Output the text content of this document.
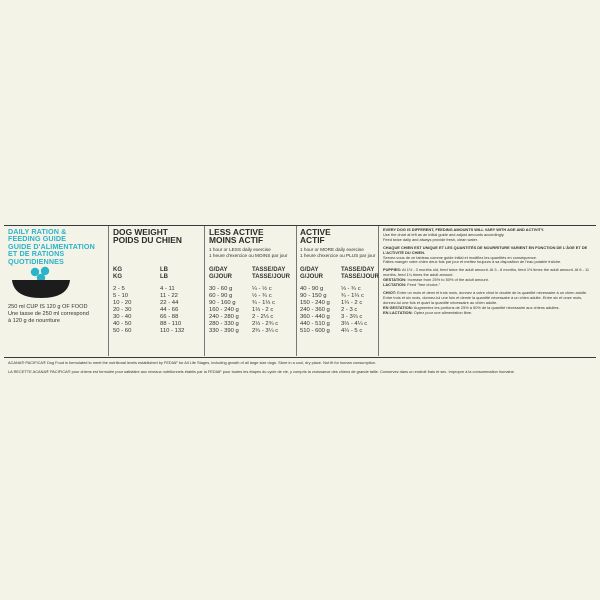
DAILY RATION &
FEEDING GUIDE
GUIDE D'ALIMENTATION
ET DE RATIONS
QUOTIDIENNES
250 ml CUP IS 120 g OF FOOD
Une tasse de 250 ml correspond
à 120 g de nourriture
DOG WEIGHT
POIDS DU CHIEN
KG
KG
LB
LB
2 - 5
5 - 10
10 - 20
20 - 30
30 - 40
40 - 50
50 - 60
4 - 11
11 - 22
22 - 44
44 - 66
66 - 88
88 - 110
110 - 132
LESS ACTIVE
MOINS ACTIF
1 hour or LESS daily exercise
1 heure d'exercice ou MOINS par jour
G/DAY
G/JOUR
TASSE/DAY
TASSE/JOUR
30 - 60 g
60 - 90 g
90 - 160 g
160 - 240 g
240 - 280 g
280 - 330 g
330 - 390 g
¼ - ½ c
½ - ¾ c
¾ - 1⅓ c
1⅓ - 2 c
2 - 2⅓ c
2⅓ - 2¾ c
2¾ - 3¼ c
ACTIVE
ACTIF
1 hour or MORE daily exercise
1 heure d'exercice ou PLUS par jour
G/DAY
G/JOUR
TASSE/DAY
TASSE/JOUR
40 - 90 g
90 - 150 g
150 - 240 g
240 - 360 g
360 - 440 g
440 - 510 g
510 - 600 g
⅓ - ¾ c
¾ - 1¼ c
1¼ - 2 c
2 - 3 c
3 - 3⅔ c
3⅔ - 4¼ c
4¼ - 5 c
EVERY DOG IS DIFFERENT, FEEDING AMOUNTS WILL VARY WITH AGE AND ACTIVITY.
Use the chart at left as an initial guide and adjust amounts accordingly.
Feed twice daily and always provide fresh, clean water.
CHAQUE CHIEN EST UNIQUE ET LES QUANTITÉS DE NOURRITURE VARIENT EN FONCTION DE L'ÂGE ET DE L'ACTIVITÉ DU CHIEN.
Servez-vous de ce tableau comme guide initial et modifiez les quantités en conséquence.
Faites manger votre chien deux fois par jour et mettez toujours à sa disposition de l'eau potable fraîche.
PUPPIES: At 1½ - 3 months old, feed twice the adult amount. At 3 - 6 months, feed 1½ times the adult amount. At 6 - 11 months, feed 1¼ times the adult amount.
GESTATION: Increase from 25% to 50% of the adult amount.
LACTATION: Feed "free choice."
CHIOT: Entre un mois et demi et trois mois, donnez à votre chiot le double de la quantité nécessaire à un chien adulte. Entre trois et six mois, donnez-lui une fois et demie la quantité nécessaire à un chien adulte. Entre six et onze mois, donnez-lui une fois et quart la quantité nécessaire au chien adulte.
EN GESTATION: Augmentez les portions de 25% à 50% de la quantité nécessaire aux chiens adultes.
EN LACTATION: Optez pour une alimentation libre.
ACANA® PACIFICA® Dog Food is formulated to meet the nutritional levels established by FEDIAF for All Life Stages, including growth of all large size dogs. Store in a cool, dry place. Not fit for human consumption.
LA RECETTE ACANA® PACIFICA® pour chiens est formulée pour satisfaire aux niveaux nutritionnels établis par la FEDIAF pour toutes les étapes du cycle de vie, y compris la croissance des chiens de grande taille. Conservez dans un endroit frais et sec. Impropre à la consommation humaine.
